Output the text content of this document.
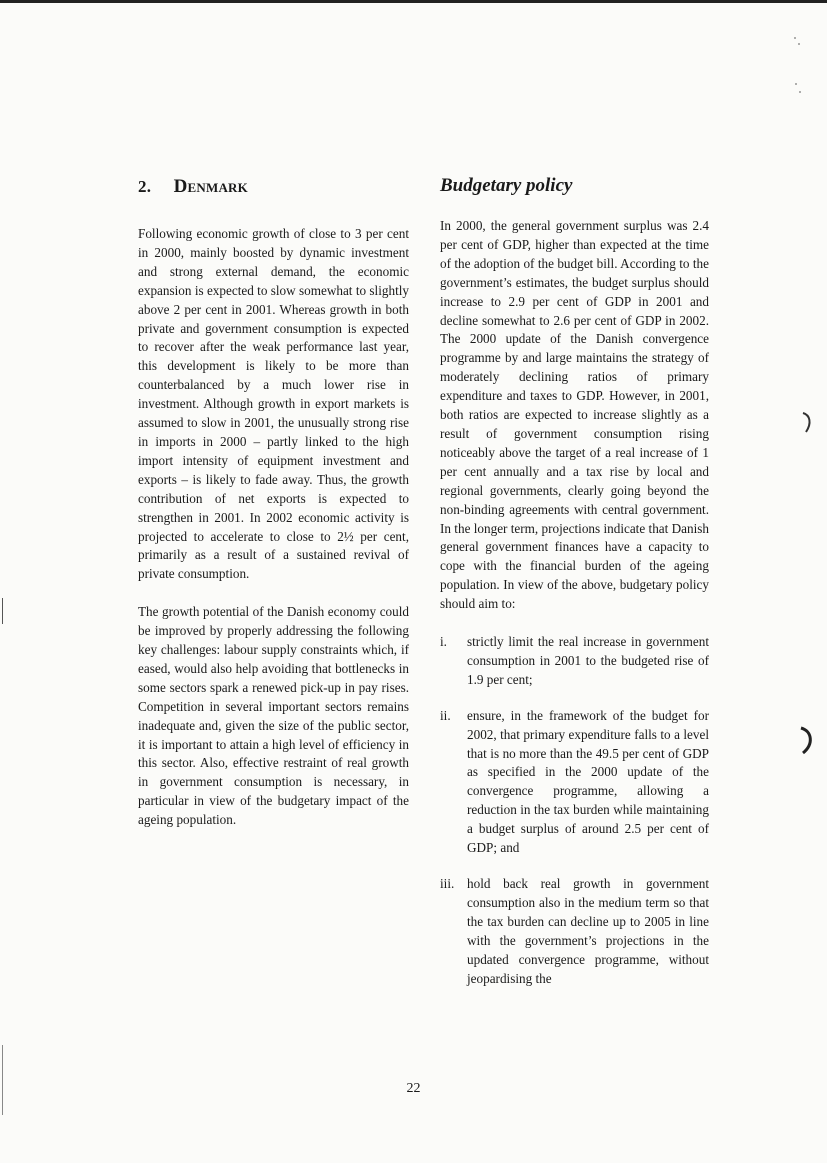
2. Denmark	Budgetary policy

Following economic growth of close to 3 per cent in 2000, mainly boosted by dynamic investment and strong external demand, the economic expansion is expected to slow somewhat to slightly above 2 per cent in 2001. Whereas growth in both private and government consumption is expected to recover after the weak performance last year, this development is likely to be more than counterbalanced by a much lower rise in investment. Although growth in export markets is assumed to slow in 2001, the unusually strong rise in imports in 2000 – partly linked to the high import intensity of equipment investment and exports – is likely to fade away. Thus, the growth contribution of net exports is expected to strengthen in 2001. In 2002 economic activity is projected to accelerate to close to 2½ per cent, primarily as a result of a sustained revival of private consumption.

The growth potential of the Danish economy could be improved by properly addressing the following key challenges: labour supply constraints which, if eased, would also help avoiding that bottlenecks in some sectors spark a renewed pick-up in pay rises. Competition in several important sectors remains inadequate and, given the size of the public sector, it is important to attain a high level of efficiency in this sector. Also, effective restraint of real growth in government consumption is necessary, in particular in view of the budgetary impact of the ageing population.

In 2000, the general government surplus was 2.4 per cent of GDP, higher than expected at the time of the adoption of the budget bill. According to the government’s estimates, the budget surplus should increase to 2.9 per cent of GDP in 2001 and decline somewhat to 2.6 per cent of GDP in 2002. The 2000 update of the Danish convergence programme by and large maintains the strategy of moderately declining ratios of primary expenditure and taxes to GDP. However, in 2001, both ratios are expected to increase slightly as a result of government consumption rising noticeably above the target of a real increase of 1 per cent annually and a tax rise by local and regional governments, clearly going beyond the non-binding agreements with central government. In the longer term, projections indicate that Danish general government finances have a capacity to cope with the financial burden of the ageing population. In view of the above, budgetary policy should aim to:

i. strictly limit the real increase in government consumption in 2001 to the budgeted rise of 1.9 per cent;
ii. ensure, in the framework of the budget for 2002, that primary expenditure falls to a level that is no more than the 49.5 per cent of GDP as specified in the 2000 update of the convergence programme, allowing a reduction in the tax burden while maintaining a budget surplus of around 2.5 per cent of GDP; and
iii. hold back real growth in government consumption also in the medium term so that the tax burden can decline up to 2005 in line with the government’s projections in the updated convergence programme, without jeopardising the
22
